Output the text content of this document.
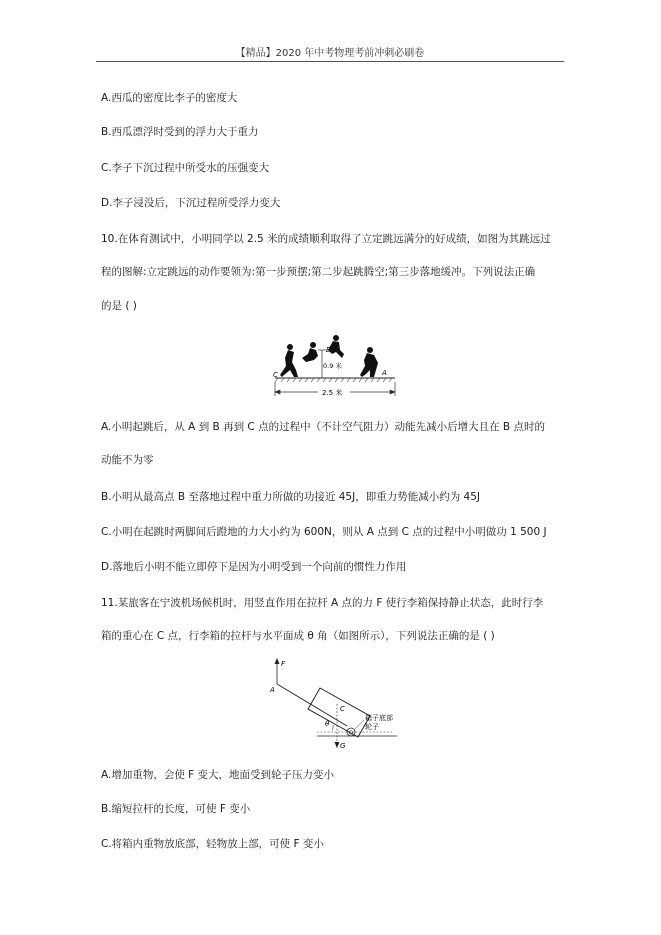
【精品】2020 年中考物理考前冲刺必刷卷
A.西瓜的密度比李子的密度大
B.西瓜漂浮时受到的浮力大于重力
C.李子下沉过程中所受水的压强变大
D.李子浸没后，下沉过程所受浮力变大
10.在体育测试中，小明同学以 2.5 米的成绩顺利取得了立定跳远满分的好成绩，如图为其跳远过
程的图解:立定跳远的动作要领为:第一步预摆;第二步起跳腾空;第三步落地缓冲。下列说法正确
的是 ( )
C
B
A
0.9 米
2.5 米
A.小明起跳后，从 A 到 B 再到 C 点的过程中（不计空气阻力）动能先减小后增大且在 B 点时的
动能不为零
B.小明从最高点 B 至落地过程中重力所做的功接近 45J，即重力势能减小约为 45J
C.小明在起跳时两脚间后蹬地的力大小约为 600N，则从 A 点到 C 点的过程中小明做功 1 500 J
D.落地后小明不能立即停下是因为小明受到一个向前的惯性力作用
11.某旅客在宁波机场候机时，用竖直作用在拉杆 A 点的力 F 使行李箱保持静止状态，此时行李
箱的重心在 C 点，行李箱的拉杆与水平面成 θ 角（如图所示），下列说法正确的是 ( )
F
A
C
G
θ
O
箱子底部
轮子
A.增加重物，会使 F 变大，地面受到轮子压力变小
B.缩短拉杆的长度，可使 F 变小
C.将箱内重物放底部，轻物放上部，可使 F 变小
